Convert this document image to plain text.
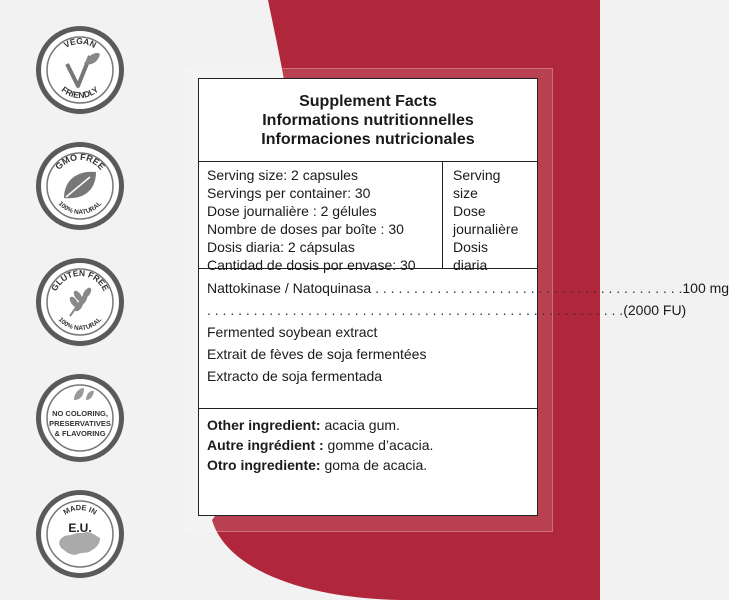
VEGAN
FRIENDLY
GMO FREE
100% NATURAL
GLUTEN FREE
100% NATURAL
NO COLORING,
PRESERVATIVES
& FLAVORING
MADE IN
E.U.
Supplement Facts
Informations nutritionnelles
Informaciones nutricionales
Serving size: 2 capsules
Servings per container: 30
Dose journalière : 2 gélules
Nombre de doses par boîte : 30
Dosis diaria: 2 cápsulas
Cantidad de dosis por envase: 30
Serving
size
Dose
journalière
Dosis
diaria
Nattokinase / Natoquinasa . . . . . . . . . . . . . . . . . . . . . . . . . . . . . . . . . . . . . . . . 100 mg
. . . . . . . . . . . . . . . . . . . . . . . . . . . . . . . . . . . . . . . . . . . . . . . . . . . . . . (2000 FU)
Fermented soybean extract
Extrait de fèves de soja fermentées
Extracto de soja fermentada
Other ingredient: acacia gum.
Autre ingrédient : gomme d’acacia.
Otro ingrediente: goma de acacia.
